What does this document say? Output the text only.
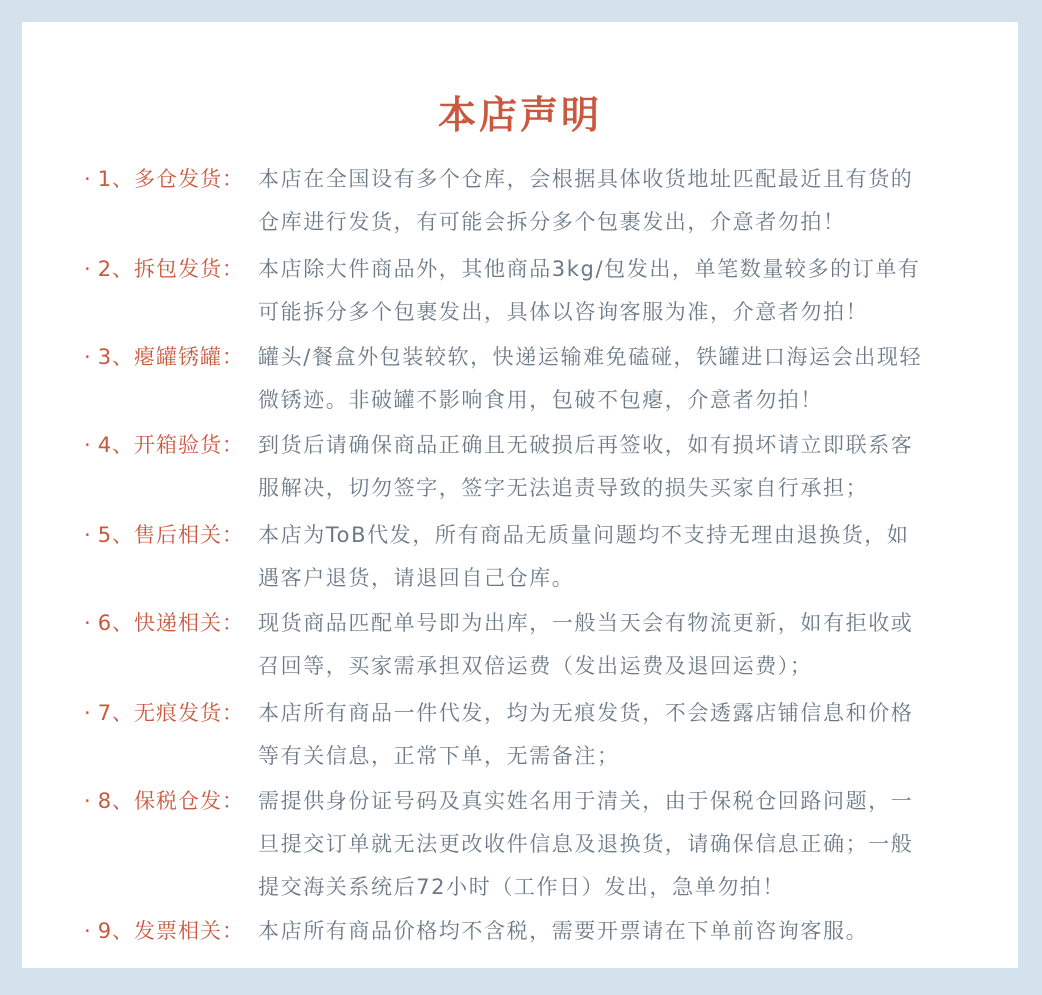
本店声明
· 1、多仓发货： 本店在全国设有多个仓库，会根据具体收货地址匹配最近且有货的
仓库进行发货，有可能会拆分多个包裹发出，介意者勿拍！
· 2、拆包发货： 本店除大件商品外，其他商品3kg/包发出，单笔数量较多的订单有
可能拆分多个包裹发出，具体以咨询客服为准，介意者勿拍！
· 3、瘪罐锈罐： 罐头/餐盒外包装较软，快递运输难免磕碰，铁罐进口海运会出现轻
微锈迹。非破罐不影响食用，包破不包瘪，介意者勿拍！
· 4、开箱验货： 到货后请确保商品正确且无破损后再签收，如有损坏请立即联系客
服解决，切勿签字，签字无法追责导致的损失买家自行承担；
· 5、售后相关： 本店为ToB代发，所有商品无质量问题均不支持无理由退换货，如
遇客户退货，请退回自己仓库。
· 6、快递相关： 现货商品匹配单号即为出库，一般当天会有物流更新，如有拒收或
召回等，买家需承担双倍运费（发出运费及退回运费）；
· 7、无痕发货： 本店所有商品一件代发，均为无痕发货，不会透露店铺信息和价格
等有关信息，正常下单，无需备注；
· 8、保税仓发： 需提供身份证号码及真实姓名用于清关，由于保税仓回路问题，一
旦提交订单就无法更改收件信息及退换货，请确保信息正确；一般
提交海关系统后72小时（工作日）发出，急单勿拍！
· 9、发票相关： 本店所有商品价格均不含税，需要开票请在下单前咨询客服。
